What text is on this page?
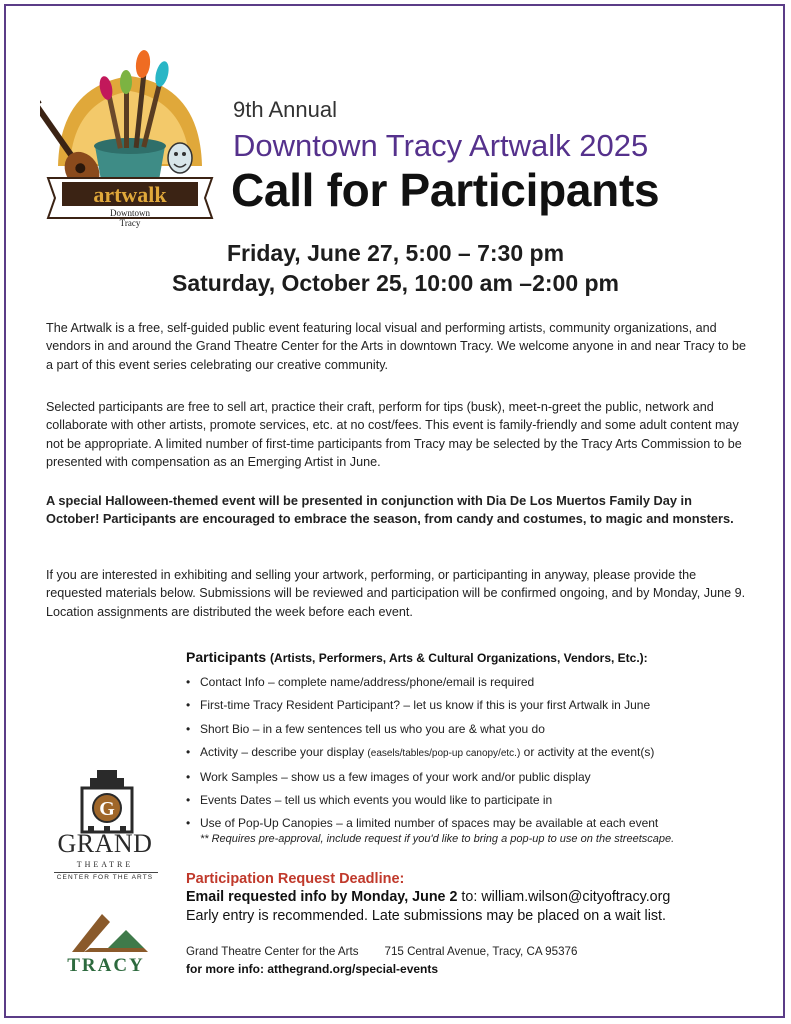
artwalk
Downtown
Tracy
9th Annual
Downtown Tracy Artwalk 2025
Call for Participants
Friday, June 27, 5:00 – 7:30 pm
Saturday, October 25, 10:00 am –2:00 pm
The Artwalk is a free, self-guided public event featuring local visual and performing artists, community organizations, and vendors in and around the Grand Theatre Center for the Arts in downtown Tracy. We welcome anyone in and near Tracy to be a part of this event series celebrating our creative community.
Selected participants are free to sell art, practice their craft, perform for tips (busk), meet-n-greet the public, network and collaborate with other artists, promote services, etc. at no cost/fees. This event is family-friendly and some adult content may not be appropriate. A limited number of first-time participants from Tracy may be selected by the Tracy Arts Commission to be presented with compensation as an Emerging Artist in June.
A special Halloween-themed event will be presented in conjunction with Dia De Los Muertos Family Day in October! Participants are encouraged to embrace the season, from candy and costumes, to magic and monsters.
If you are interested in exhibiting and selling your artwork, performing, or participanting in anyway, please provide the requested materials below. Submissions will be reviewed and participation will be confirmed ongoing, and by Monday, June 9. Location assignments are distributed the week before each event.
Participants (Artists, Performers, Arts & Cultural Organizations, Vendors, Etc.):
• Contact Info – complete name/address/phone/email is required
• First-time Tracy Resident Participant? – let us know if this is your first Artwalk in June
• Short Bio – in a few sentences tell us who you are & what you do
• Activity – describe your display (easels/tables/pop-up canopy/etc.) or activity at the event(s)
• Work Samples – show us a few images of your work and/or public display
• Events Dates – tell us which events you would like to participate in
• Use of Pop-Up Canopies – a limited number of spaces may be available at each event
** Requires pre-approval, include request if you'd like to bring a pop-up to use on the streetscape.
Participation Request Deadline:
Email requested info by Monday, June 2 to: william.wilson@cityoftracy.org
Early entry is recommended. Late submissions may be placed on a wait list.
Grand Theatre Center for the Arts 715 Central Avenue, Tracy, CA 95376
for more info: atthegrand.org/special-events
G
GRAND
THEATRE
CENTER FOR THE ARTS
TRACY
